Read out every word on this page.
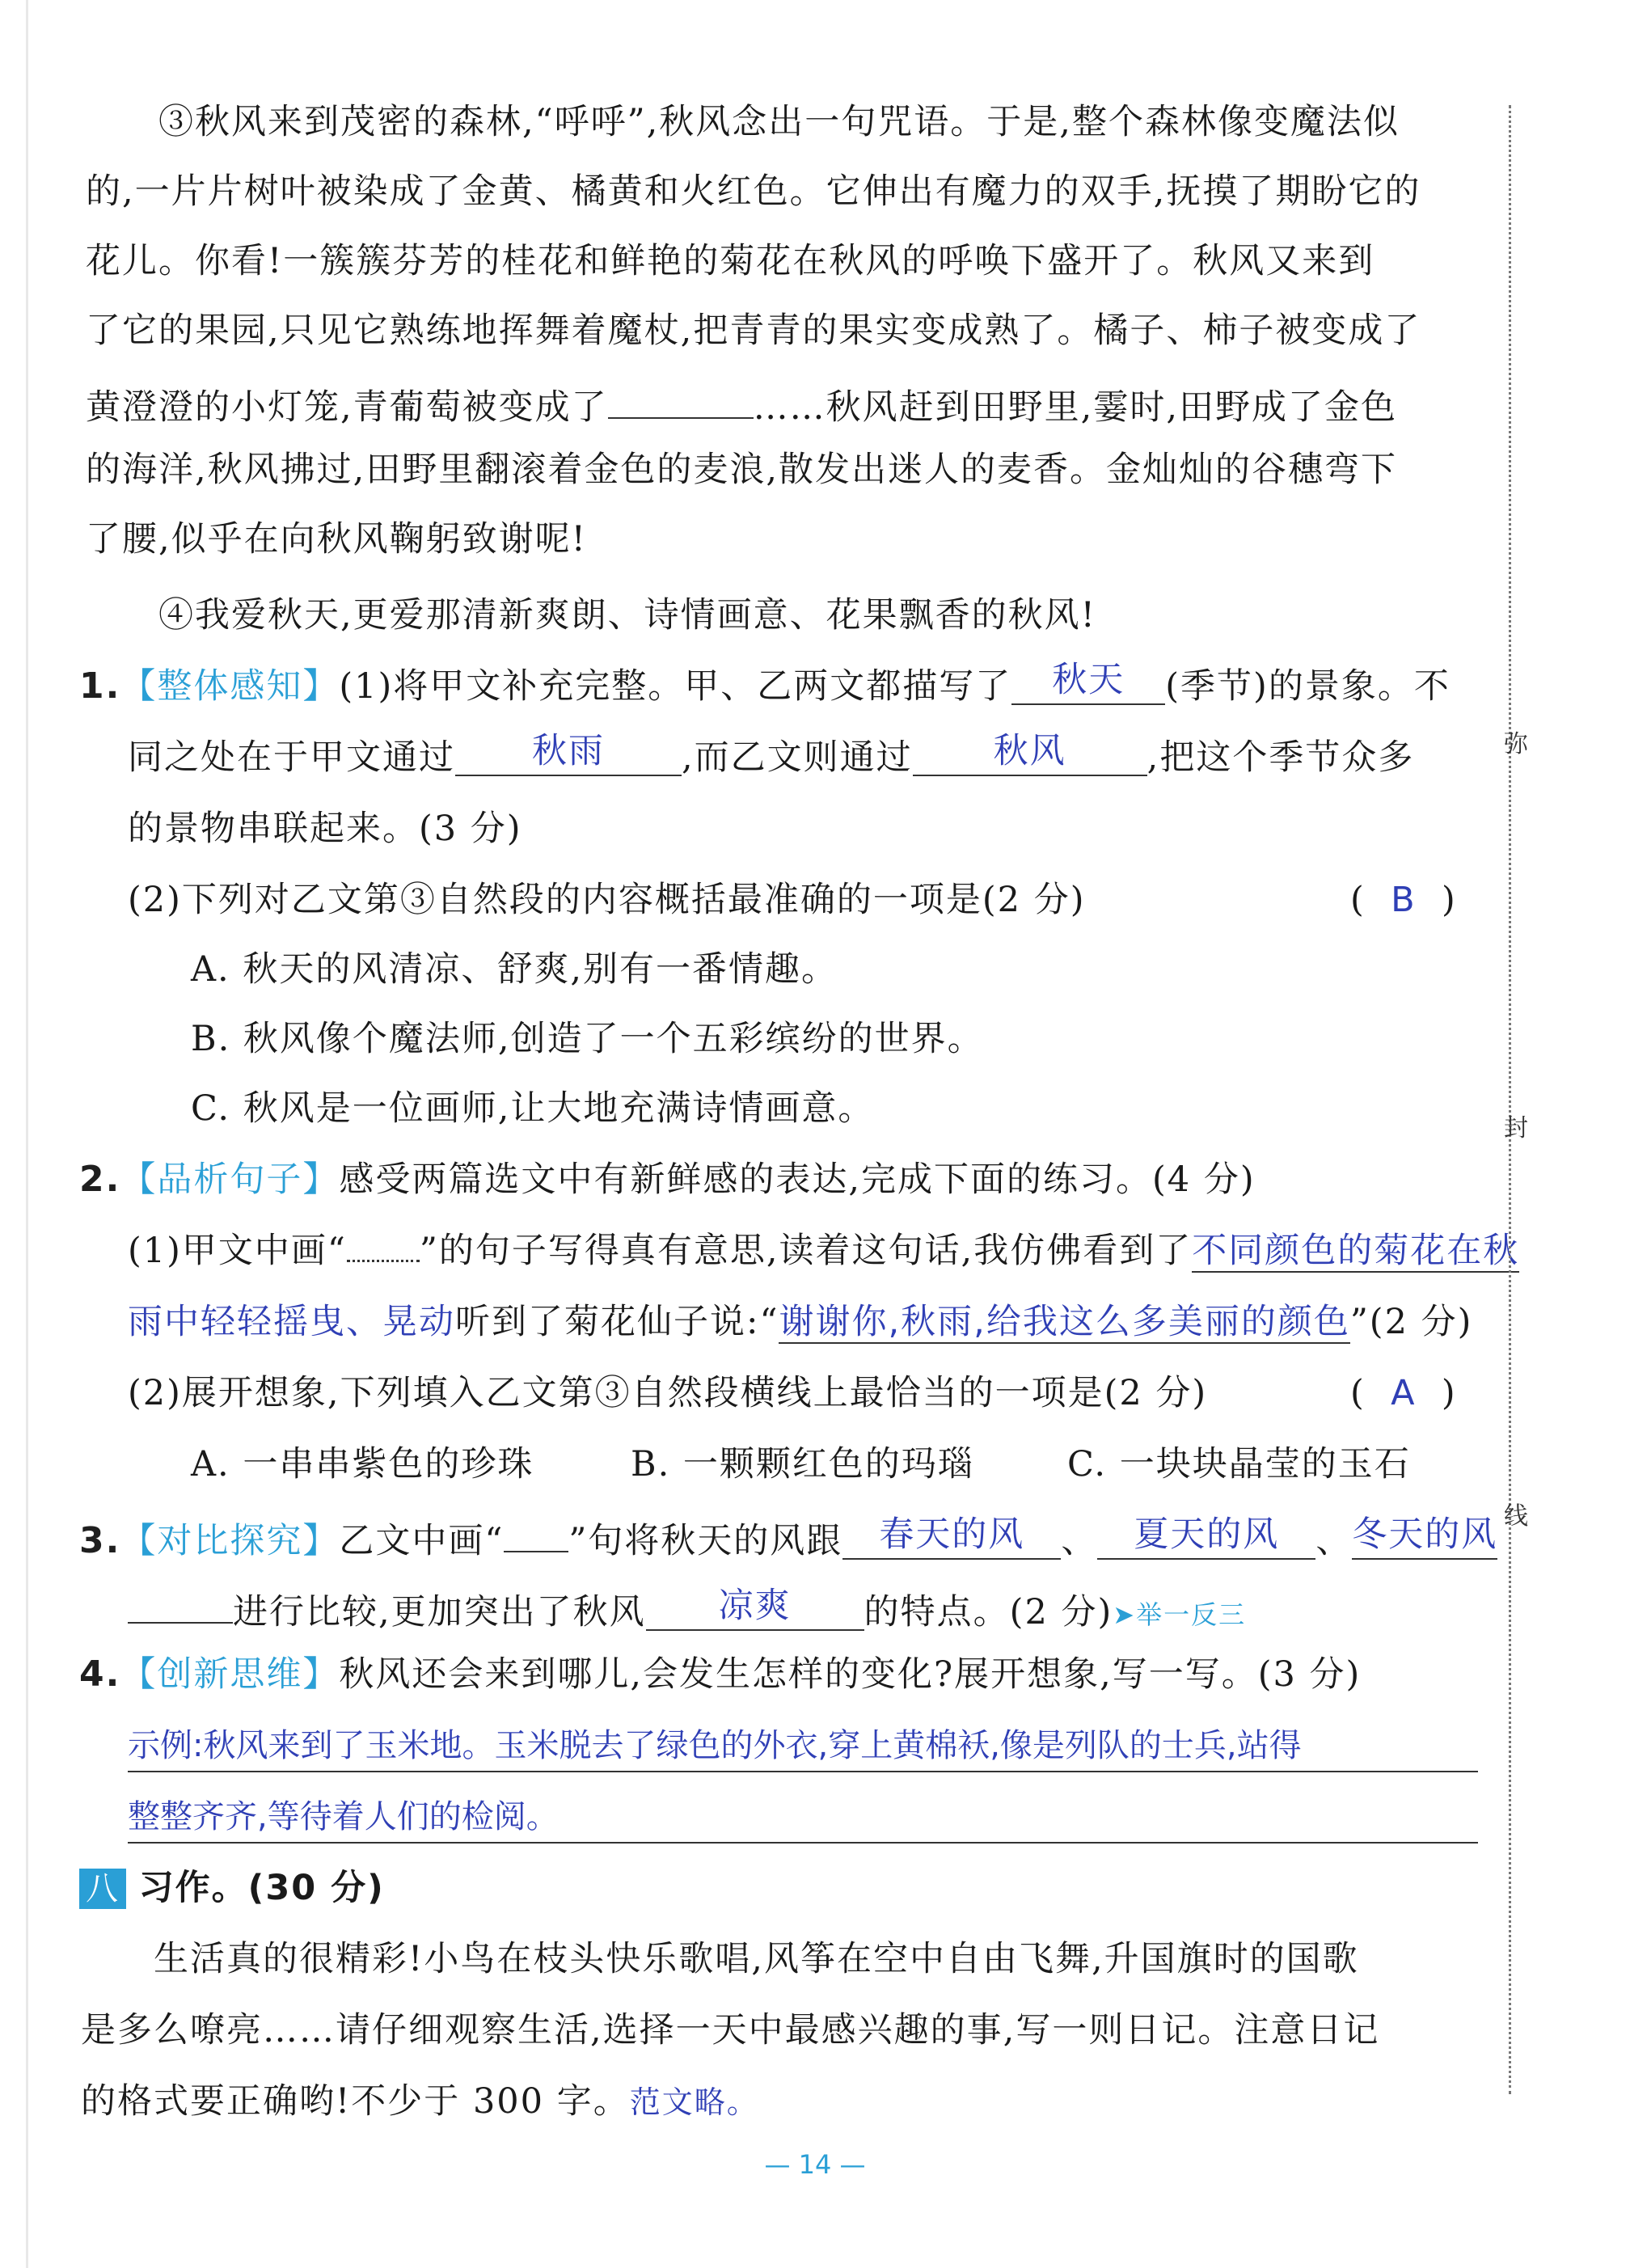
③秋风来到茂密的森林,“呼呼”,秋风念出一句咒语。于是,整个森林像变魔法似
的,一片片树叶被染成了金黄、橘黄和火红色。它伸出有魔力的双手,抚摸了期盼它的
花儿。你看!一簇簇芬芳的桂花和鲜艳的菊花在秋风的呼唤下盛开了。秋风又来到
了它的果园,只见它熟练地挥舞着魔杖,把青青的果实变成熟了。橘子、柿子被变成了
黄澄澄的小灯笼,青葡萄被变成了	……秋风赶到田野里,霎时,田野成了金色
的海洋,秋风拂过,田野里翻滚着金色的麦浪,散发出迷人的麦香。金灿灿的谷穗弯下
了腰,似乎在向秋风鞠躬致谢呢!
④我爱秋天,更爱那清新爽朗、诗情画意、花果飘香的秋风!
1.【整体感知】(1)将甲文补充完整。甲、乙两文都描写了 秋天 (季节)的景象。不
同之处在于甲文通过 秋雨 ,而乙文则通过 秋风 ,把这个季节众多
的景物串联起来。(3 分)
(2)下列对乙文第③自然段的内容概括最准确的一项是(2 分)	(  B  )
A. 秋天的风清凉、舒爽,别有一番情趣。
B. 秋风像个魔法师,创造了一个五彩缤纷的世界。
C. 秋风是一位画师,让大地充满诗情画意。
2.【品析句子】感受两篇选文中有新鲜感的表达,完成下面的练习。(4 分)
(1)甲文中画“ ”的句子写得真有意思,读着这句话,我仿佛看到了不同颜色的菊花在秋
雨中轻轻摇曳、晃动听到了菊花仙子说:“谢谢你,秋雨,给我这么多美丽的颜色”(2 分)
(2)展开想象,下列填入乙文第③自然段横线上最恰当的一项是(2 分)	(  A  )
A. 一串串紫色的珍珠	B. 一颗颗红色的玛瑙	C. 一块块晶莹的玉石
3.【对比探究】乙文中画“ ”句将秋天的风跟 春天的风 、 夏天的风 、冬天的风
进行比较,更加突出了秋风 凉爽 的特点。(2 分)➤举一反三
4.【创新思维】秋风还会来到哪儿,会发生怎样的变化?展开想象,写一写。(3 分)
示例:秋风来到了玉米地。玉米脱去了绿色的外衣,穿上黄棉袄,像是列队的士兵,站得
整整齐齐,等待着人们的检阅。
八 习作。(30 分)
生活真的很精彩!小鸟在枝头快乐歌唱,风筝在空中自由飞舞,升国旗时的国歌
是多么嘹亮……请仔细观察生活,选择一天中最感兴趣的事,写一则日记。注意日记
的格式要正确哟!不少于 300 字。范文略。
弥
封
线
— 14 —
